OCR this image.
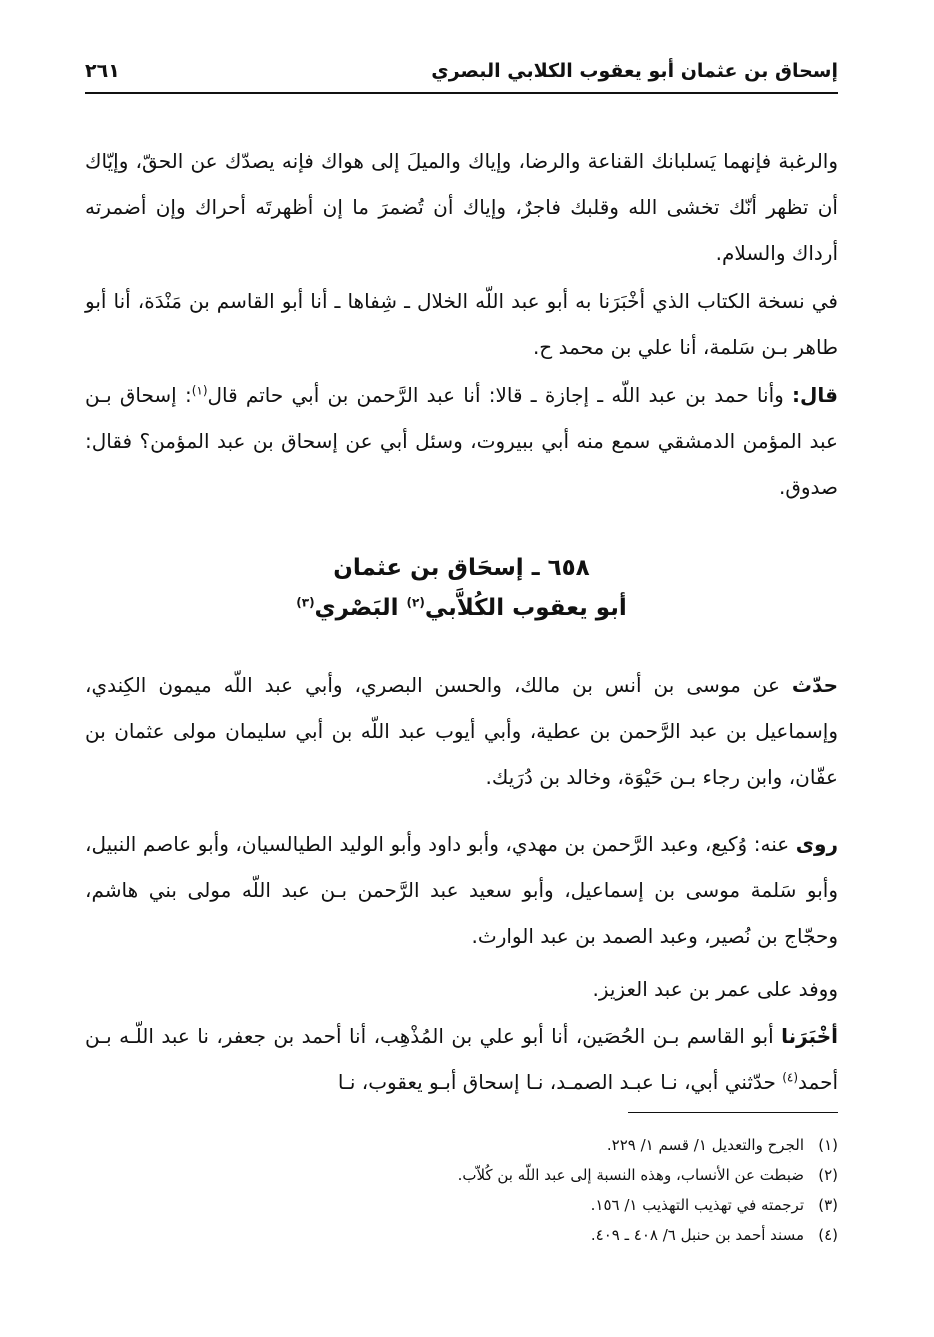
إسحاق بن عثمان أبو يعقوب الكلابي البصري
٢٦١

والرغبة فإنهما يَسلبانك القناعة والرضا، وإياك والميلَ إلى هواك فإنه يصدّك عن الحقّ، وإيّاك أن تظهر أنّك تخشى الله وقلبك فاجرٌ، وإياك أن تُضمرَ ما إن أظهرتَه أحراك وإن أضمرته أرداك والسلام.

في نسخة الكتاب الذي أخْبَرَنا به أبو عبد اللّه الخلال ـ شِفاها ـ أنا أبو القاسم بن مَنْدَة، أنا أبو طاهر بـن سَلمة، أنا علي بن محمد ح.

قال: وأنا حمد بن عبد اللّه ـ إجازة ـ قالا: أنا عبد الرَّحمن بن أبي حاتم قال$^{(١)}$: إسحاق بـن عبد المؤمن الدمشقي سمع منه أبي ببيروت، وسئل أبي عن إسحاق بن عبد المؤمن؟ فقال: صدوق.

٦٥٨ ـ إسحَاق بن عثمان
أبو يعقوب الكُلاَّبي$^{(٢)}$ البَصْري$^{(٣)}$

حدّث عن موسى بن أنس بن مالك، والحسن البصري، وأبي عبد اللّه ميمون الكِندي، وإسماعيل بن عبد الرَّحمن بن عطية، وأبي أيوب عبد اللّه بن أبي سليمان مولى عثمان بن عفّان، وابن رجاء بـن حَيْوَة، وخالد بن دُرَيك.

روى عنه: وُكيع، وعبد الرَّحمن بن مهدي، وأبو داود وأبو الوليد الطيالسيان، وأبو عاصم النبيل، وأبو سَلمة موسى بن إسماعيل، وأبو سعيد عبد الرَّحمن بـن عبد اللّه مولى بني هاشم، وحجّاج بن نُصير، وعبد الصمد بن عبد الوارث.

ووفد على عمر بن عبد العزيز.

أخْبَرَنا أبو القاسم بـن الحُصَين، أنا أبو علي بن المُذْهِب، أنا أحمد بن جعفر، نا عبد اللّـه بـن أحمد$^{(٤)}$ حدّثني أبي، نـا عبـد الصمـد، نـا إسحاق أبـو يعقوب، نـا

(١)الجرح والتعديل ١/ قسم ١/ ٢٢٩.
(٢)ضبطت عن الأنساب، وهذه النسبة إلى عبد اللّه بن كُلاّب.
(٣)ترجمته في تهذيب التهذيب ١/ ١٥٦.
(٤)مسند أحمد بن حنبل ٦/ ٤٠٨ ـ ٤٠٩.
